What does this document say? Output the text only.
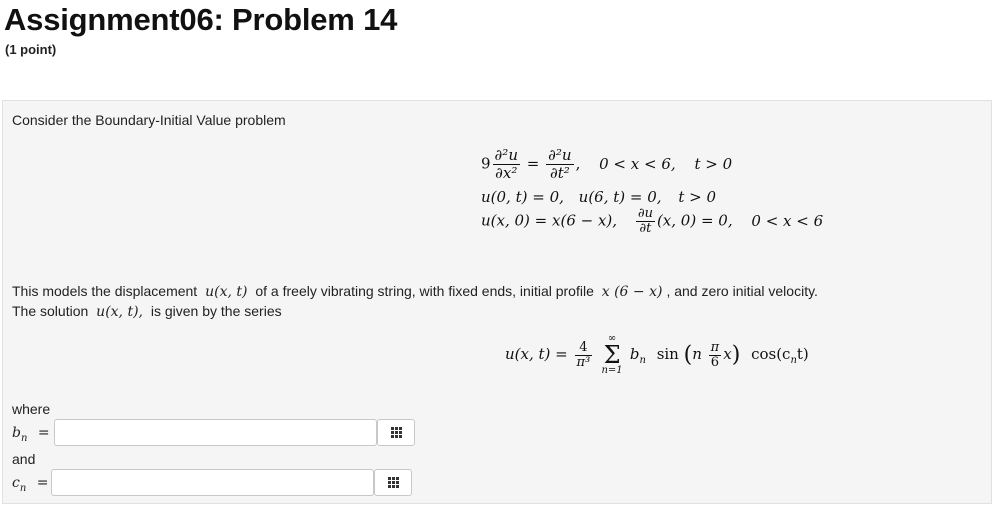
Assignment06: Problem 14
(1 point)
Consider the Boundary-Initial Value problem
$9 \frac{\text{∂²u}}{\text{∂x²}} = \frac{\text{∂²u}}{\text{∂t²}}$ , 0 < x < 6, t > 0
u(0, t) = 0, u(6, t) = 0, t > 0
u(x, 0) = x(6 − x), $\frac{\partial u}{\partial t} (x$, 0) = 0, 0 < x < 6
This models the displacement u(x, t) of a freely vibrating string, with fixed ends, initial profile x (6 − x) , and zero initial velocity.
The solution u(x, t), is given by the series
u(x, $t) = \frac{4}{\text{π³}}$

∞
Σ
n=1
$b_n$ $\sin (n \frac{\pi}{6} x)$ $\cos(c_nt)$
where
$b_n$ =
and
$c_n$ =
